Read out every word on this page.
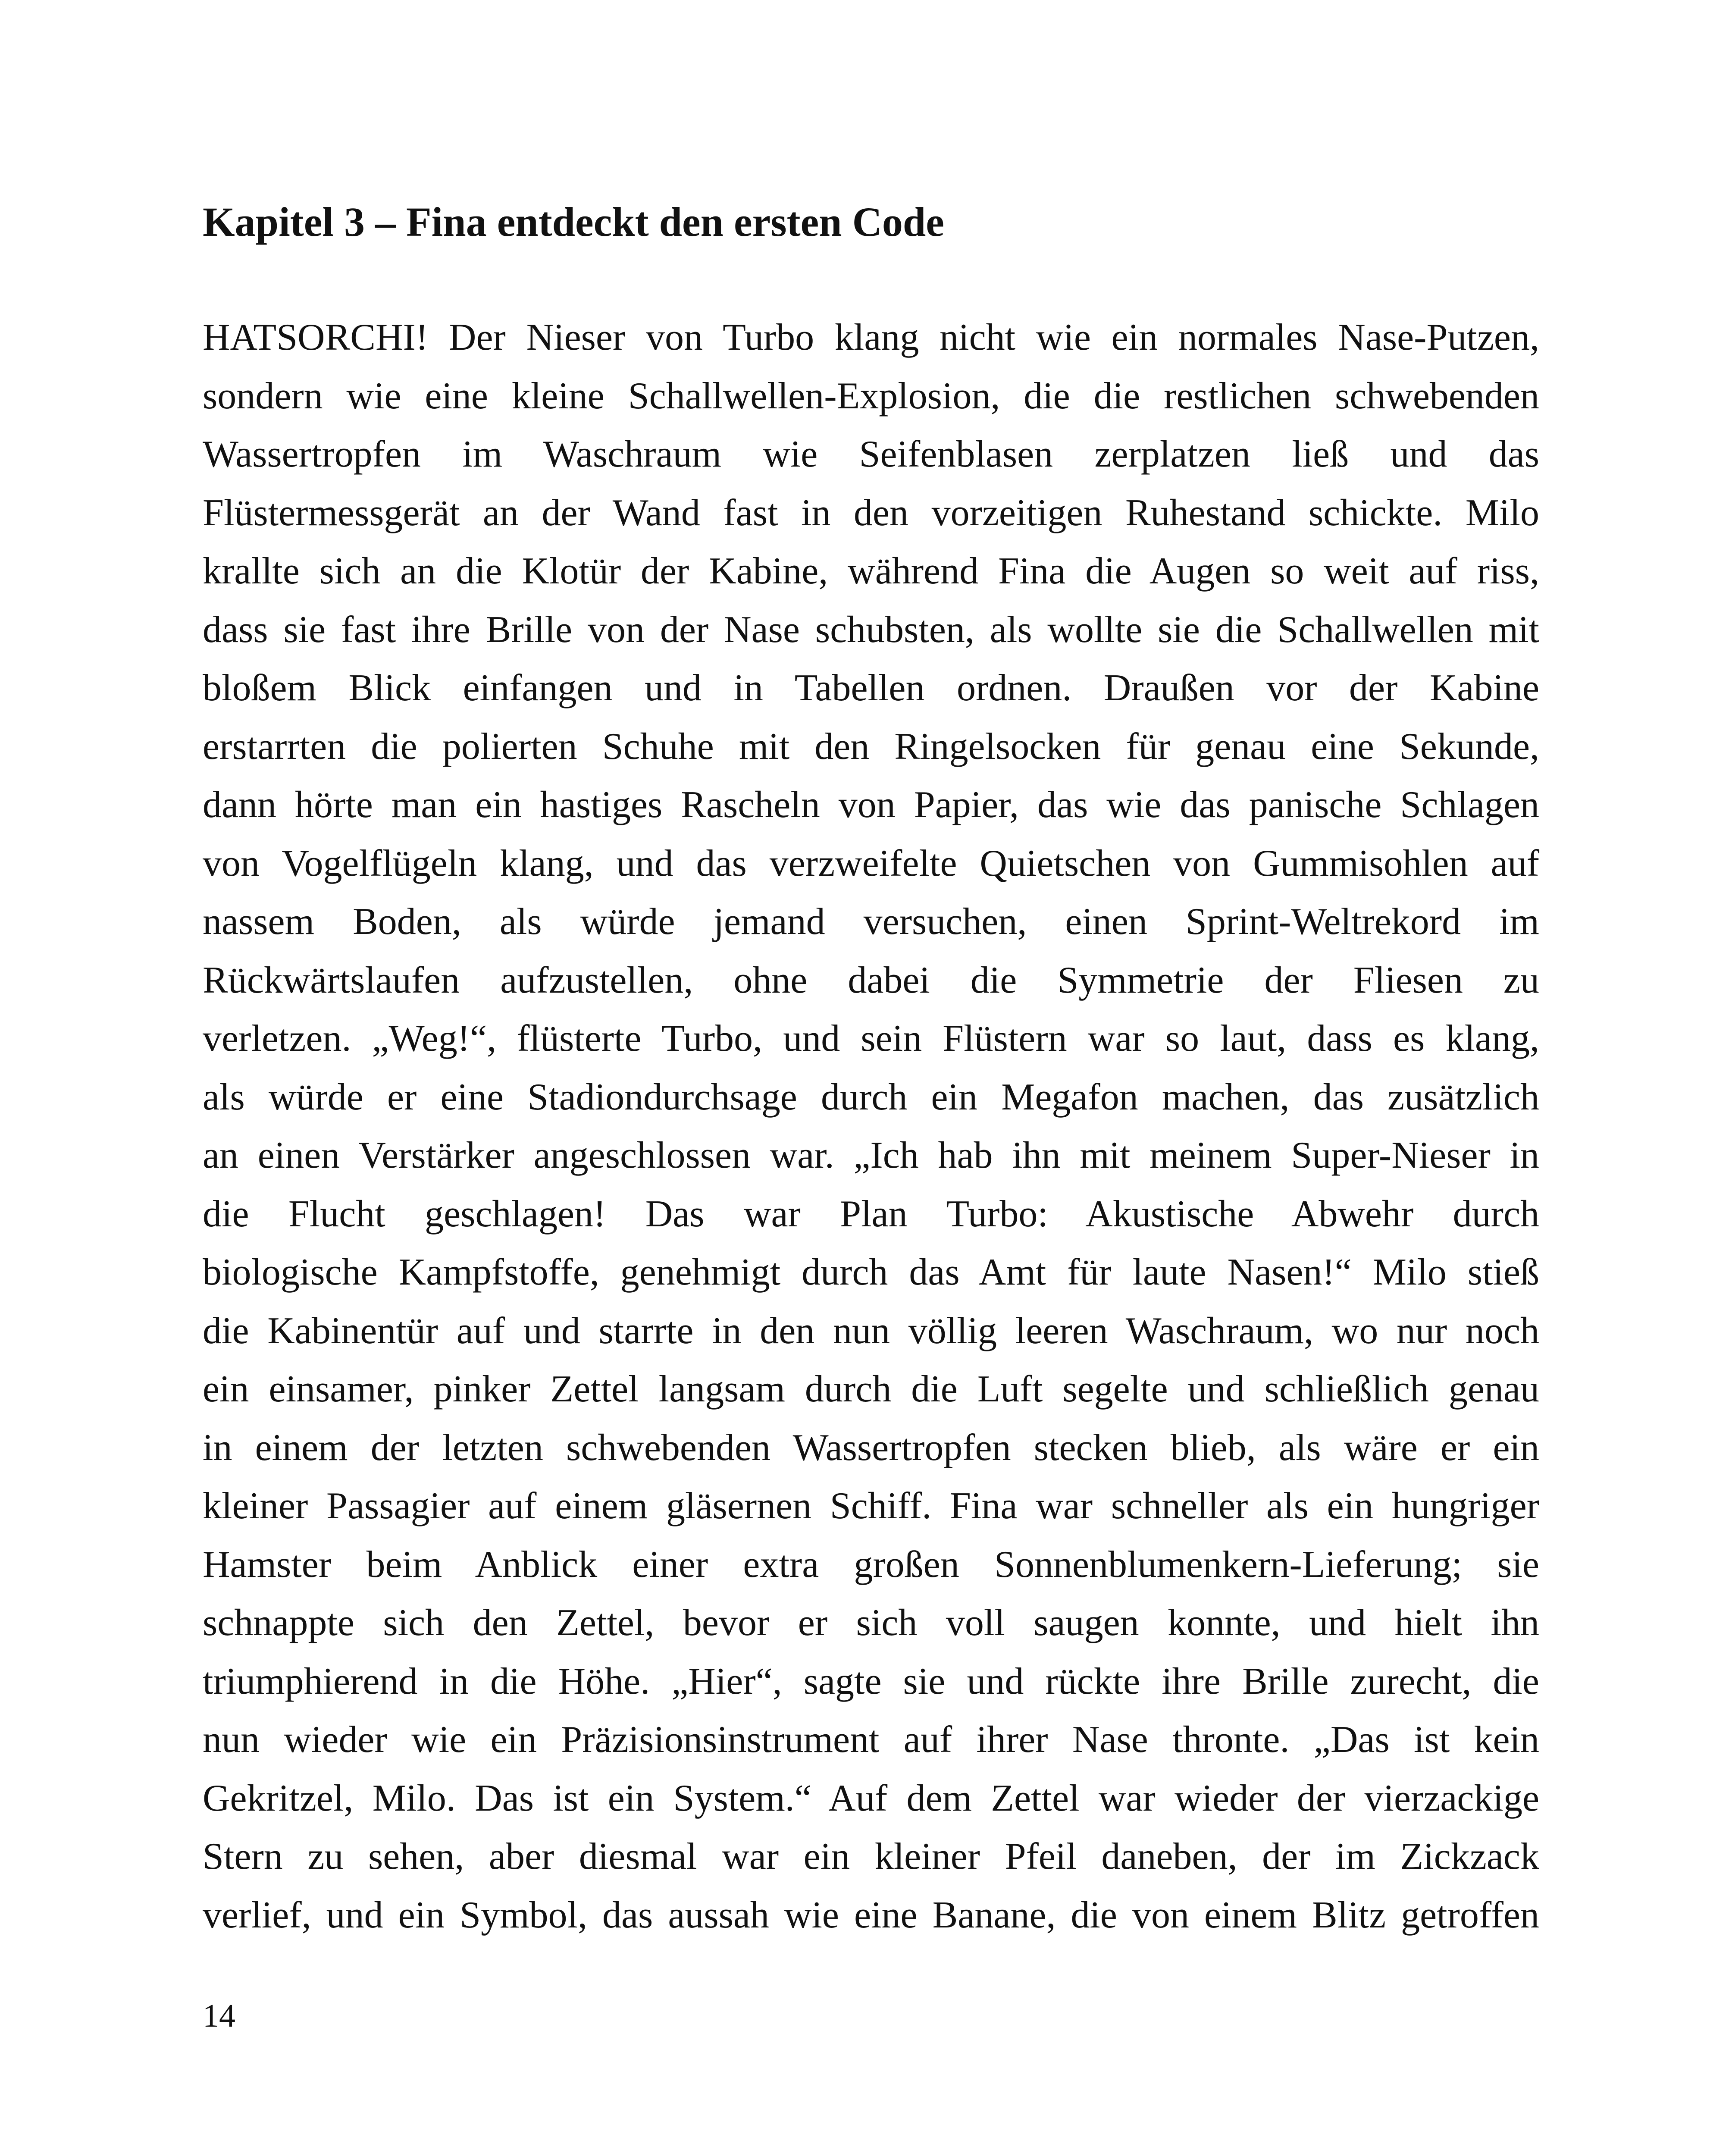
Kapitel 3 – Fina entdeckt den ersten Code
HATSORCHI! Der Nieser von Turbo klang nicht wie ein normales Nase-Putzen,
sondern wie eine kleine Schallwellen-Explosion, die die restlichen schwebenden
Wassertropfen im Waschraum wie Seifenblasen zerplatzen ließ und das
Flüstermessgerät an der Wand fast in den vorzeitigen Ruhestand schickte. Milo
krallte sich an die Klotür der Kabine, während Fina die Augen so weit auf riss,
dass sie fast ihre Brille von der Nase schubsten, als wollte sie die Schallwellen mit
bloßem Blick einfangen und in Tabellen ordnen. Draußen vor der Kabine
erstarrten die polierten Schuhe mit den Ringelsocken für genau eine Sekunde,
dann hörte man ein hastiges Rascheln von Papier, das wie das panische Schlagen
von Vogelflügeln klang, und das verzweifelte Quietschen von Gummisohlen auf
nassem Boden, als würde jemand versuchen, einen Sprint-Weltrekord im
Rückwärtslaufen aufzustellen, ohne dabei die Symmetrie der Fliesen zu
verletzen. „Weg!“, flüsterte Turbo, und sein Flüstern war so laut, dass es klang,
als würde er eine Stadiondurchsage durch ein Megafon machen, das zusätzlich
an einen Verstärker angeschlossen war. „Ich hab ihn mit meinem Super-Nieser in
die Flucht geschlagen! Das war Plan Turbo: Akustische Abwehr durch
biologische Kampfstoffe, genehmigt durch das Amt für laute Nasen!“ Milo stieß
die Kabinentür auf und starrte in den nun völlig leeren Waschraum, wo nur noch
ein einsamer, pinker Zettel langsam durch die Luft segelte und schließlich genau
in einem der letzten schwebenden Wassertropfen stecken blieb, als wäre er ein
kleiner Passagier auf einem gläsernen Schiff. Fina war schneller als ein hungriger
Hamster beim Anblick einer extra großen Sonnenblumenkern-Lieferung; sie
schnappte sich den Zettel, bevor er sich voll saugen konnte, und hielt ihn
triumphierend in die Höhe. „Hier“, sagte sie und rückte ihre Brille zurecht, die
nun wieder wie ein Präzisionsinstrument auf ihrer Nase thronte. „Das ist kein
Gekritzel, Milo. Das ist ein System.“ Auf dem Zettel war wieder der vierzackige
Stern zu sehen, aber diesmal war ein kleiner Pfeil daneben, der im Zickzack
verlief, und ein Symbol, das aussah wie eine Banane, die von einem Blitz getroffen

14
